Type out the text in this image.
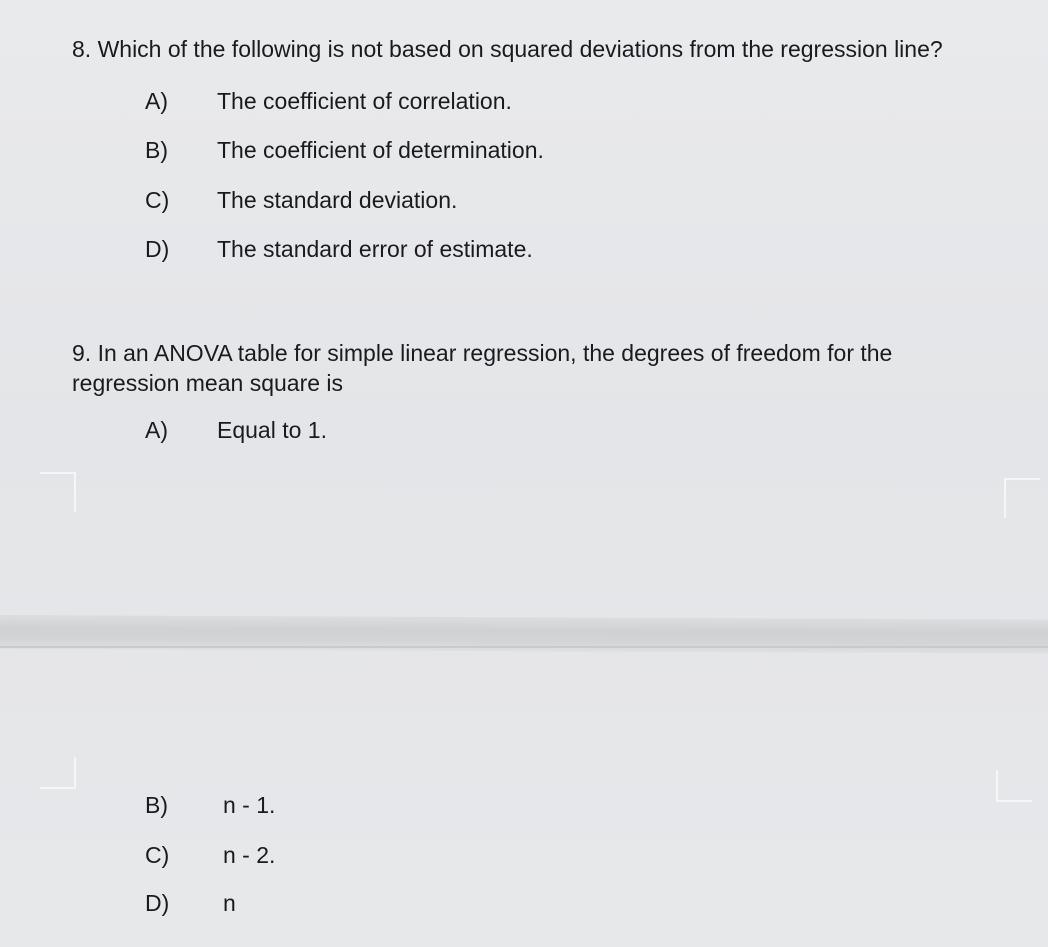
8. Which of the following is not based on squared deviations from the regression line?
A)	The coefficient of correlation.
B)	The coefficient of determination.
C)	The standard deviation.
D)	The standard error of estimate.
9. In an ANOVA table for simple linear regression, the degrees of freedom for the
regression mean square is
A)	Equal to 1.
B)	n - 1.
C)	n - 2.
D)	n
